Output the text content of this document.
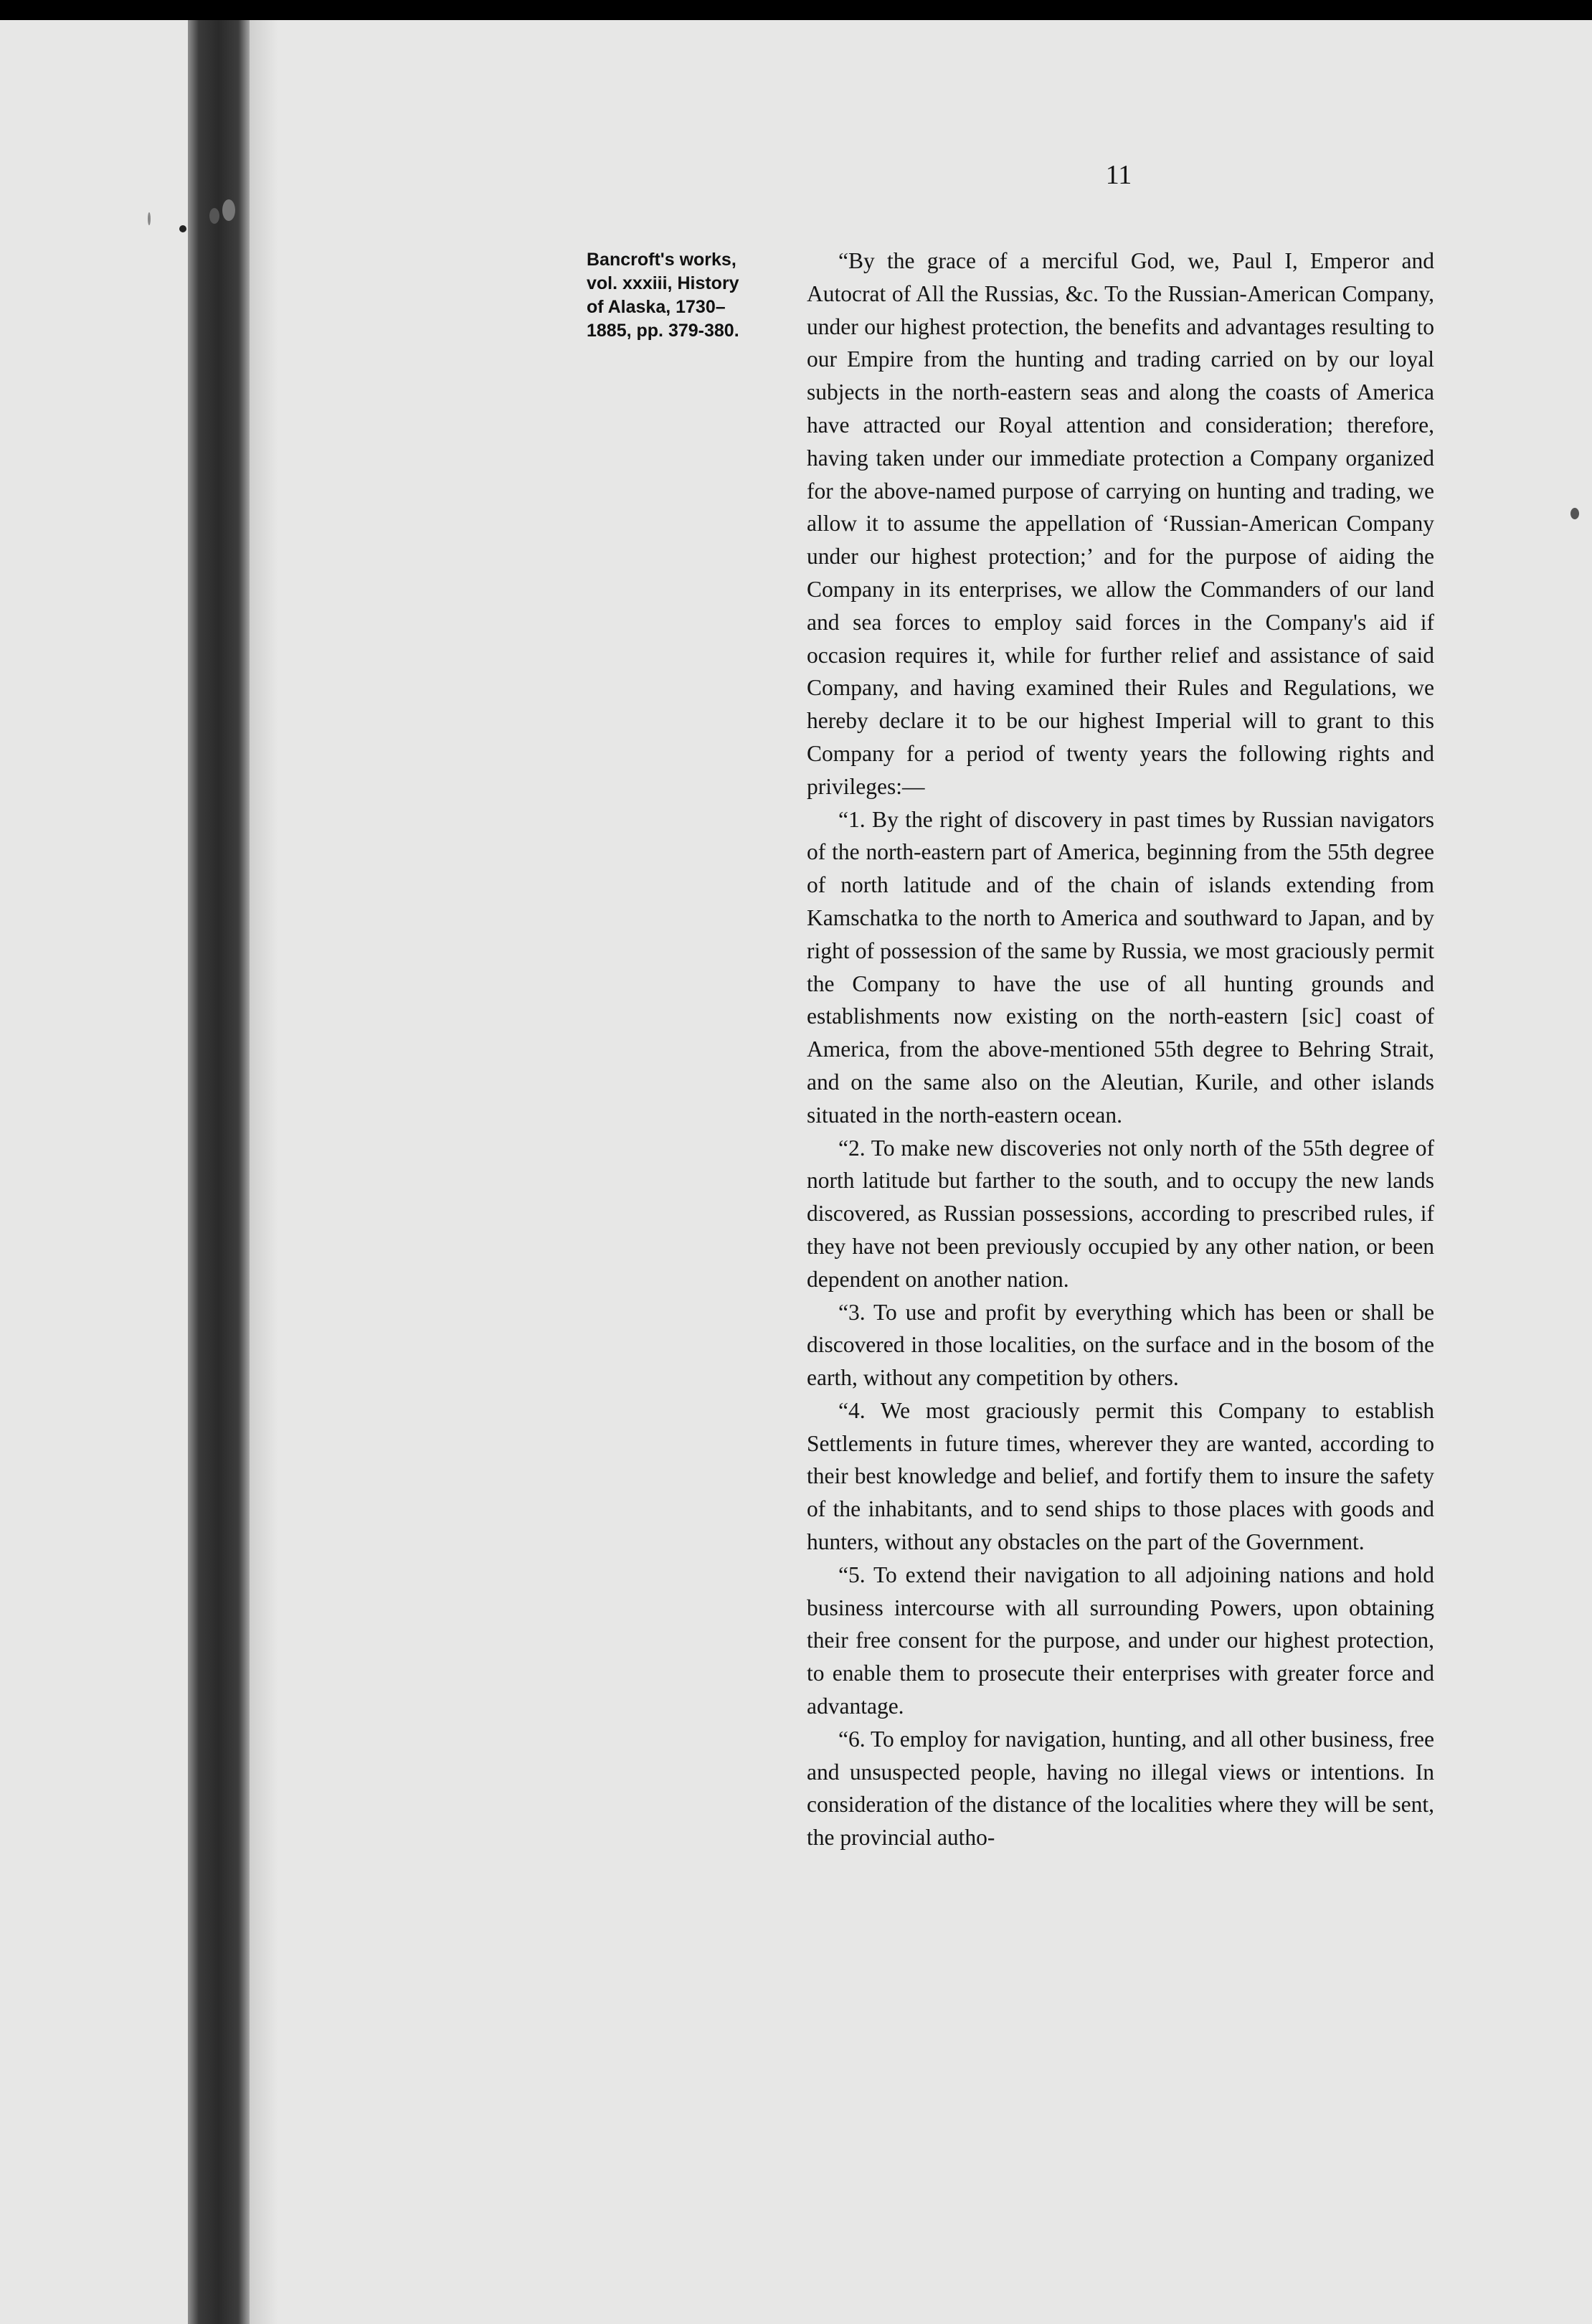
11
Bancroft's works,
vol. xxxiii, History
of Alaska, 1730–
1885, pp. 379-380.

“By the grace of a merciful God, we, Paul I, Emperor and Autocrat of All the Russias, &c. To the Russian-American Company, under our highest protection, the benefits and advantages resulting to our Empire from the hunting and trading carried on by our loyal subjects in the north-eastern seas and along the coasts of America have attracted our Royal attention and consideration; therefore, having taken under our immediate protection a Company organized for the above-named purpose of carrying on hunting and trading, we allow it to assume the appellation of ‘Russian-American Company under our highest protection;’ and for the purpose of aiding the Company in its enterprises, we allow the Commanders of our land and sea forces to employ said forces in the Company's aid if occasion requires it, while for further relief and assistance of said Company, and having examined their Rules and Regulations, we hereby declare it to be our highest Imperial will to grant to this Company for a period of twenty years the following rights and privileges:—

“1. By the right of discovery in past times by Russian navigators of the north-eastern part of America, beginning from the 55th degree of north latitude and of the chain of islands extending from Kamschatka to the north to America and southward to Japan, and by right of possession of the same by Russia, we most graciously permit the Company to have the use of all hunting grounds and establishments now existing on the north-eastern [sic] coast of America, from the above-mentioned 55th degree to Behring Strait, and on the same also on the Aleutian, Kurile, and other islands situated in the north-eastern ocean.

“2. To make new discoveries not only north of the 55th degree of north latitude but farther to the south, and to occupy the new lands discovered, as Russian possessions, according to prescribed rules, if they have not been previously occupied by any other nation, or been dependent on another nation.

“3. To use and profit by everything which has been or shall be discovered in those localities, on the surface and in the bosom of the earth, without any competition by others.

“4. We most graciously permit this Company to establish Settlements in future times, wherever they are wanted, according to their best knowledge and belief, and fortify them to insure the safety of the inhabitants, and to send ships to those places with goods and hunters, without any obstacles on the part of the Government.

“5. To extend their navigation to all adjoining nations and hold business intercourse with all surrounding Powers, upon obtaining their free consent for the purpose, and under our highest protection, to enable them to prosecute their enterprises with greater force and advantage.

“6. To employ for navigation, hunting, and all other business, free and unsuspected people, having no illegal views or intentions. In consideration of the distance of the localities where they will be sent, the provincial autho-
